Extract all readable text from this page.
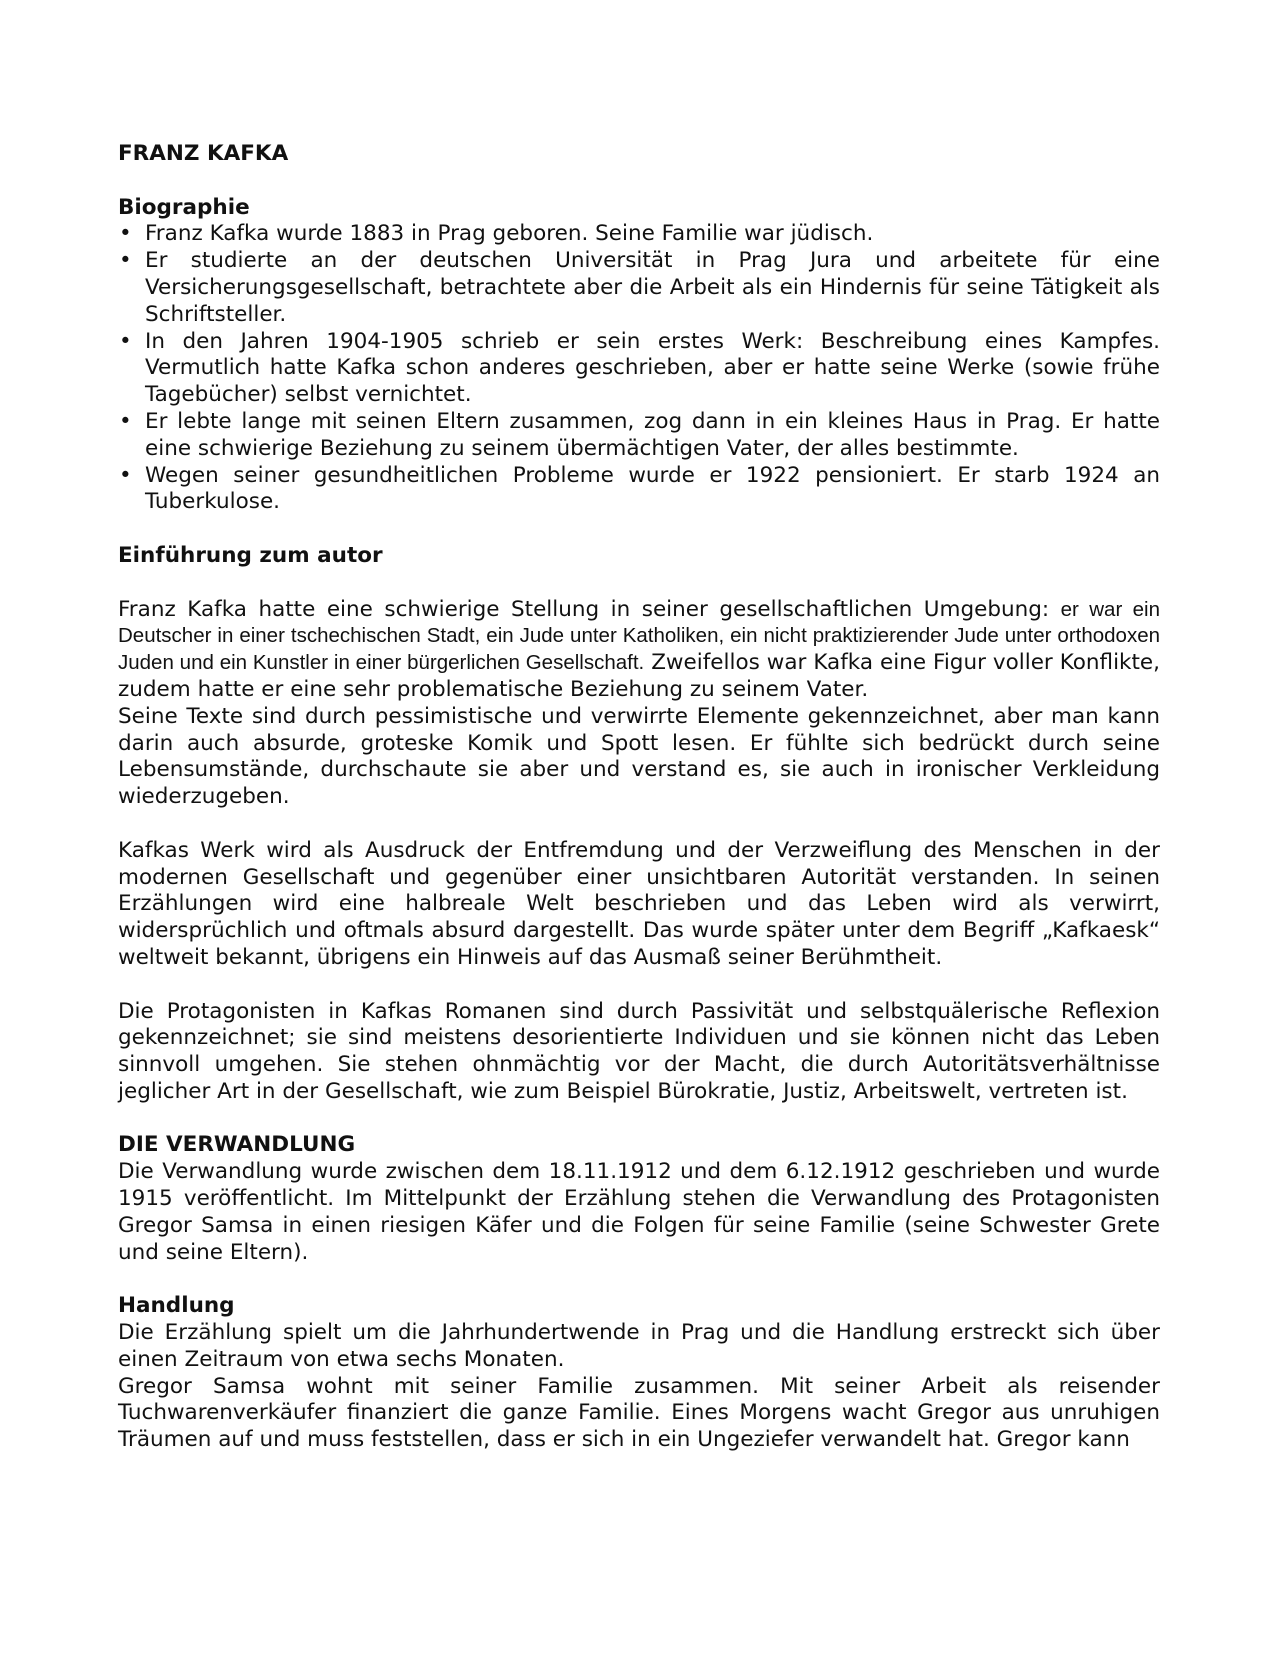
FRANZ KAFKA
Biographie
• Franz Kafka wurde 1883 in Prag geboren. Seine Familie war jüdisch.
• Er studierte an der deutschen Universität in Prag Jura und arbeitete für eine Versicherungsgesellschaft, betrachtete aber die Arbeit als ein Hindernis für seine Tätigkeit als Schriftsteller.
• In den Jahren 1904-1905 schrieb er sein erstes Werk: Beschreibung eines Kampfes. Vermutlich hatte Kafka schon anderes geschrieben, aber er hatte seine Werke (sowie frühe Tagebücher) selbst vernichtet.
• Er lebte lange mit seinen Eltern zusammen, zog dann in ein kleines Haus in Prag. Er hatte eine schwierige Beziehung zu seinem übermächtigen Vater, der alles bestimmte.
• Wegen seiner gesundheitlichen Probleme wurde er 1922 pensioniert. Er starb 1924 an Tuberkulose.
Einführung zum autor

Franz Kafka hatte eine schwierige Stellung in seiner gesellschaftlichen Umgebung: er war ein Deutscher in einer tschechischen Stadt, ein Jude unter Katholiken, ein nicht praktizierender Jude unter orthodoxen Juden und ein Kunstler in einer bürgerlichen Gesellschaft. Zweifellos war Kafka eine Figur voller Konflikte, zudem hatte er eine sehr problematische Beziehung zu seinem Vater.

Seine Texte sind durch pessimistische und verwirrte Elemente gekennzeichnet, aber man kann darin auch absurde, groteske Komik und Spott lesen. Er fühlte sich bedrückt durch seine Lebensumstände, durchschaute sie aber und verstand es, sie auch in ironischer Verkleidung wiederzugeben.

Kafkas Werk wird als Ausdruck der Entfremdung und der Verzweiflung des Menschen in der modernen Gesellschaft und gegenüber einer unsichtbaren Autorität verstanden. In seinen Erzählungen wird eine halbreale Welt beschrieben und das Leben wird als verwirrt, widersprüchlich und oftmals absurd dargestellt. Das wurde später unter dem Begriff „Kafkaesk“ weltweit bekannt, übrigens ein Hinweis auf das Ausmaß seiner Berühmtheit.

Die Protagonisten in Kafkas Romanen sind durch Passivität und selbstquälerische Reflexion gekennzeichnet; sie sind meistens desorientierte Individuen und sie können nicht das Leben sinnvoll umgehen. Sie stehen ohnmächtig vor der Macht, die durch Autoritätsverhältnisse jeglicher Art in der Gesellschaft, wie zum Beispiel Bürokratie, Justiz, Arbeitswelt, vertreten ist.

DIE VERWANDLUNG

Die Verwandlung wurde zwischen dem 18.11.1912 und dem 6.12.1912 geschrieben und wurde 1915 veröffentlicht. Im Mittelpunkt der Erzählung stehen die Verwandlung des Protagonisten Gregor Samsa in einen riesigen Käfer und die Folgen für seine Familie (seine Schwester Grete und seine Eltern).

Handlung

Die Erzählung spielt um die Jahrhundertwende in Prag und die Handlung erstreckt sich über einen Zeitraum von etwa sechs Monaten.

Gregor Samsa wohnt mit seiner Familie zusammen. Mit seiner Arbeit als reisender Tuchwarenverkäufer finanziert die ganze Familie. Eines Morgens wacht Gregor aus unruhigen Träumen auf und muss feststellen, dass er sich in ein Ungeziefer verwandelt hat. Gregor kann
